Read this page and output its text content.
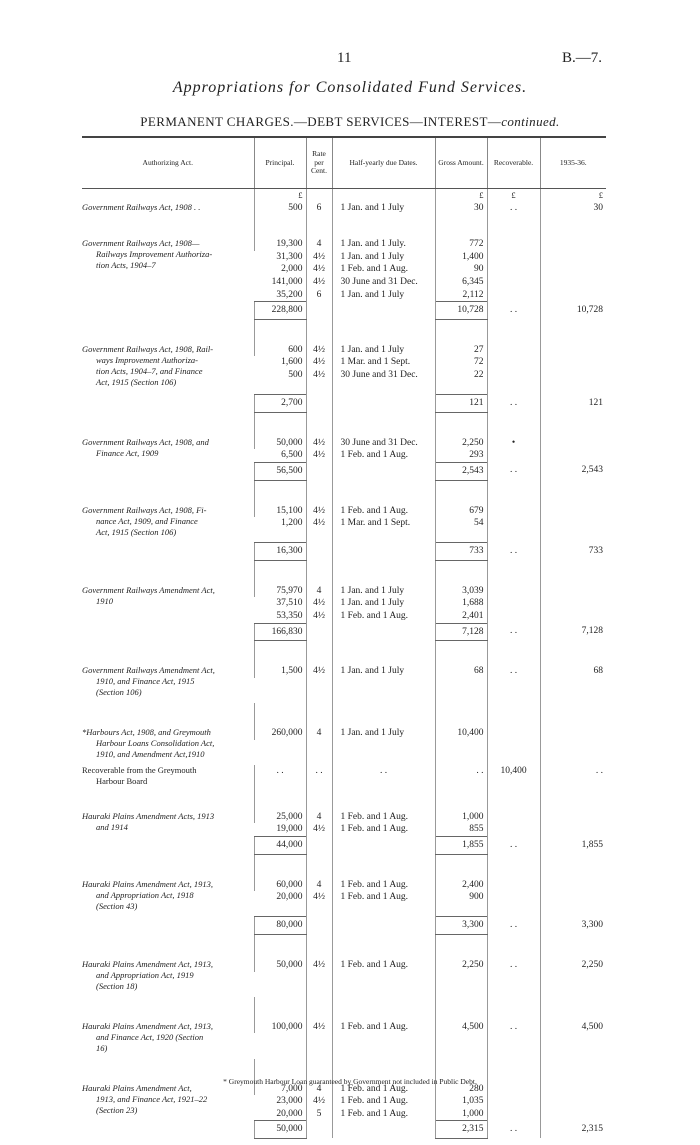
11	B.—7.
Appropriations for Consolidated Fund Services.
PERMANENT CHARGES.—DEBT SERVICES—INTEREST—continued.
Authorizing Act.	Principal.	Rate per Cent.	Half-yearly due Dates.	Gross Amount.	Recoverable.	1935-36.
	£			£	£	£

Government Railways Act, 1908 . .	500	6	1 Jan. and 1 July	30	. .	30

Government Railways Act, 1908—
Railways Improvement Authoriza-
tion Acts, 1904–7	19,300	4	1 Jan. and 1 July.	772		
	31,300	4½	1 Jan. and 1 July	1,400		
	2,000	4½	1 Feb. and 1 Aug.	90		
	141,000	4½	30 June and 31 Dec.	6,345		
	35,200	6	1 Jan. and 1 July	2,112		
	228,800			10,728	. .	10,728

Government Railways Act, 1908, Rail-
ways Improvement Authoriza-
tion Acts, 1904–7, and Finance
Act, 1915 (Section 106)	600	4½	1 Jan. and 1 July	27		
	1,600	4½	1 Mar. and 1 Sept.	72		
	500	4½	30 June and 31 Dec.	22		

	2,700			121	. .	121

Government Railways Act, 1908, and
Finance Act, 1909	50,000	4½	30 June and 31 Dec.	2,250	•	
	6,500	4½	1 Feb. and 1 Aug.	293		
	56,500			2,543	. .	2,543

Government Railways Act, 1908, Fi-
nance Act, 1909, and Finance
Act, 1915 (Section 106)	15,100	4½	1 Feb. and 1 Aug.	679		
	1,200	4½	1 Mar. and 1 Sept.	54		

	16,300			733	. .	733

Government Railways Amendment Act,
1910	75,970	4	1 Jan. and 1 July	3,039		
	37,510	4½	1 Jan. and 1 July	1,688		
	53,350	4½	1 Feb. and 1 Aug.	2,401		
	166,830			7,128	. .	7,128

Government Railways Amendment Act,
1910, and Finance Act, 1915
(Section 106)	1,500	4½	1 Jan. and 1 July	68	. .	68

*Harbours Act, 1908, and Greymouth
Harbour Loans Consolidation Act,
1910, and Amendment Act,1910	260,000	4	1 Jan. and 1 July	10,400		

Recoverable from the Greymouth
Harbour Board	. .	. .	. .	. .	10,400	. .

Hauraki Plains Amendment Acts, 1913
and 1914	25,000	4	1 Feb. and 1 Aug.	1,000		
	19,000	4½	1 Feb. and 1 Aug.	855		
	44,000			1,855	. .	1,855

Hauraki Plains Amendment Act, 1913,
and Appropriation Act, 1918
(Section 43)	60,000	4	1 Feb. and 1 Aug.	2,400		
	20,000	4½	1 Feb. and 1 Aug.	900		

	80,000			3,300	. .	3,300

Hauraki Plains Amendment Act, 1913,
and Appropriation Act, 1919
(Section 18)	50,000	4½	1 Feb. and 1 Aug.	2,250	. .	2,250

Hauraki Plains Amendment Act, 1913,
and Finance Act, 1920 (Section
16)	100,000	4½	1 Feb. and 1 Aug.	4,500	. .	4,500

Hauraki Plains Amendment Act,
1913, and Finance Act, 1921–22
(Section 23)	7,000	4	1 Feb. and 1 Aug.	280		
	23,000	4½	1 Feb. and 1 Aug.	1,035		
	20,000	5	1 Feb. and 1 Aug.	1,000		
	50,000			2,315	. .	2,315
* Greymouth Harbour Loan guaranteed by Government not included in Public Debt.
